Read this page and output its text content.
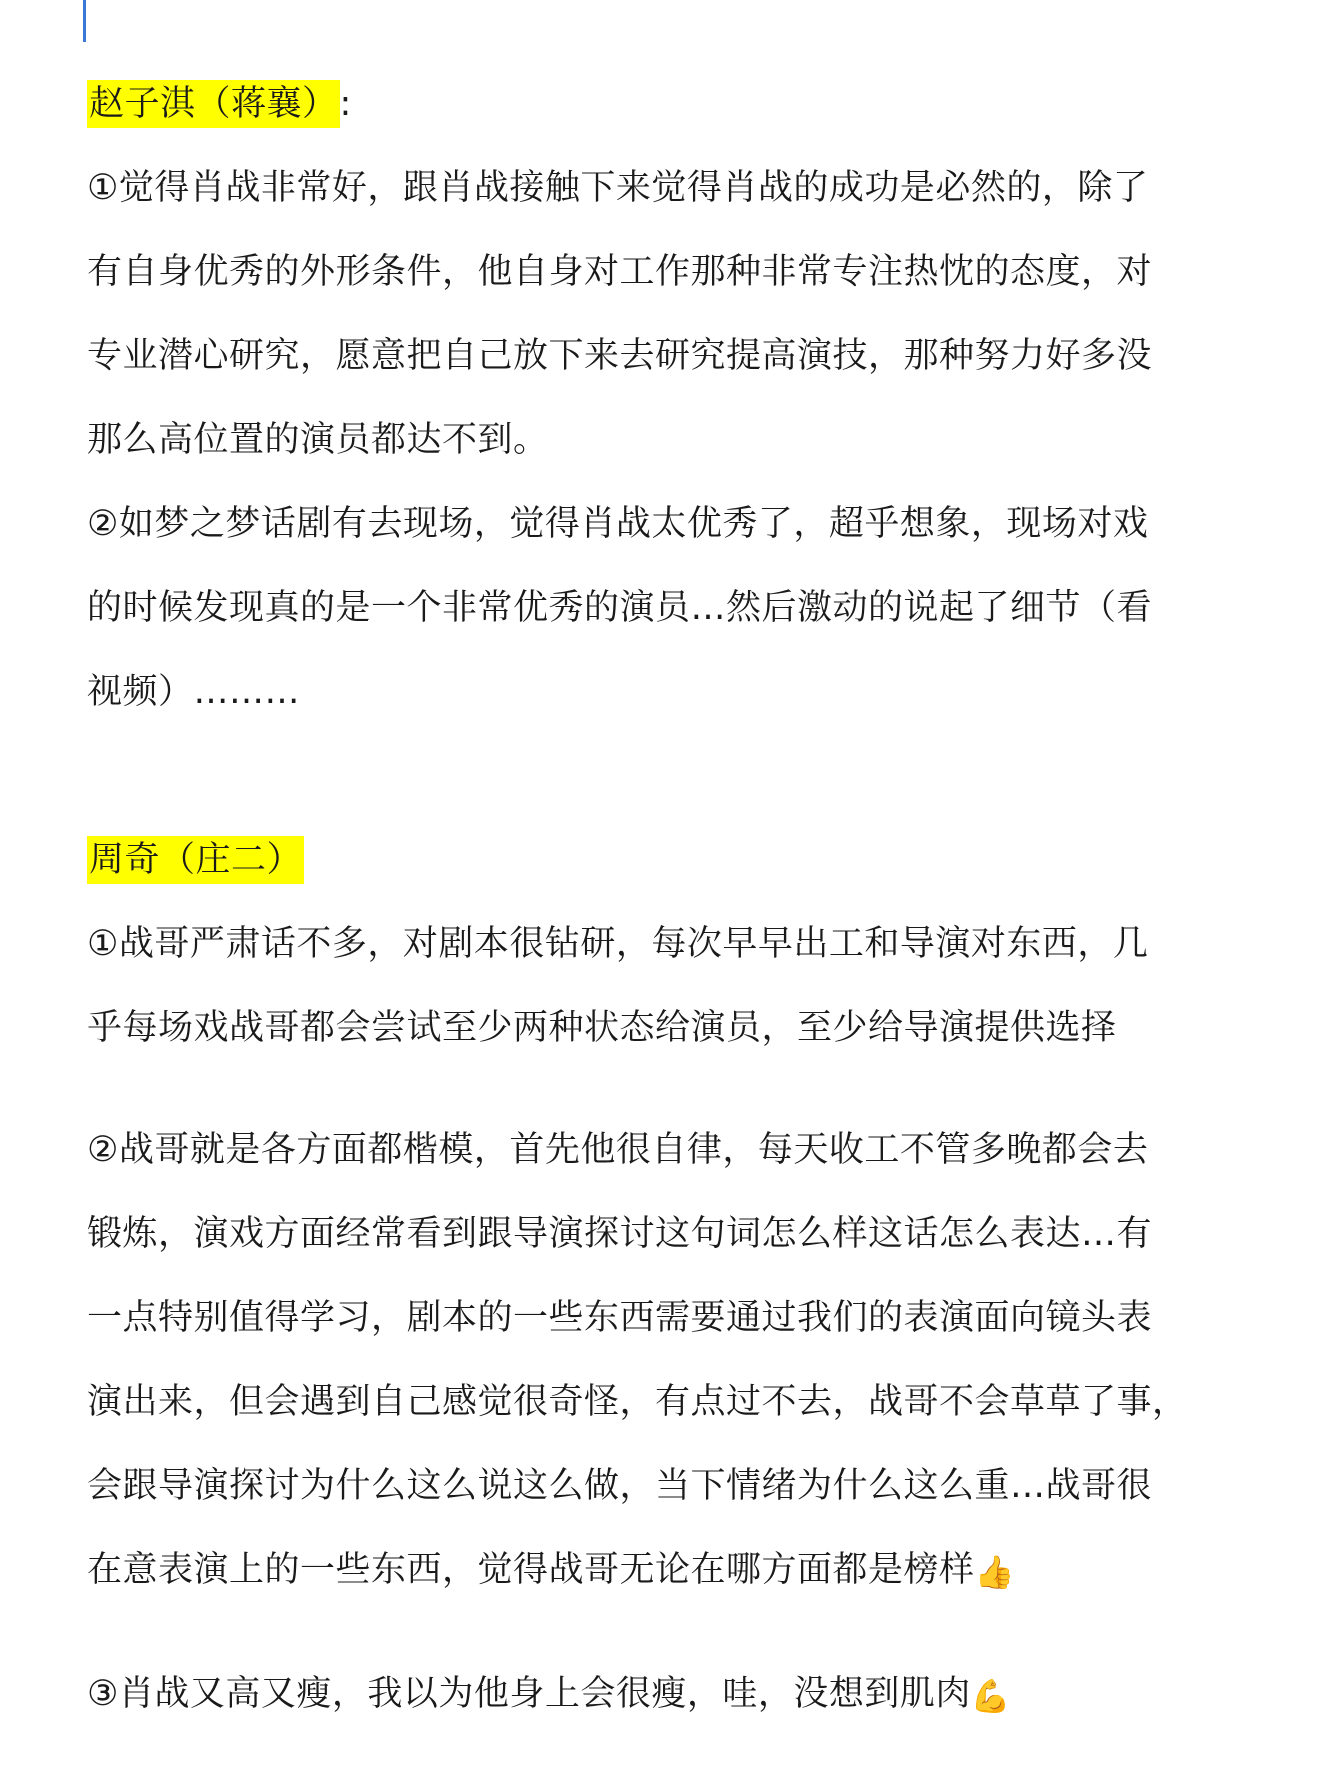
赵子淇（蒋襄）:

①觉得肖战非常好，跟肖战接触下来觉得肖战的成功是必然的，除了

有自身优秀的外形条件，他自身对工作那种非常专注热忱的态度，对

专业潜心研究，愿意把自己放下来去研究提高演技，那种努力好多没

那么高位置的演员都达不到。

②如梦之梦话剧有去现场，觉得肖战太优秀了，超乎想象，现场对戏

的时候发现真的是一个非常优秀的演员…然后激动的说起了细节（看

视频）………

周奇（庄二）

①战哥严肃话不多，对剧本很钻研，每次早早出工和导演对东西，几

乎每场戏战哥都会尝试至少两种状态给演员，至少给导演提供选择

②战哥就是各方面都楷模，首先他很自律，每天收工不管多晚都会去

锻炼，演戏方面经常看到跟导演探讨这句词怎么样这话怎么表达…有

一点特别值得学习，剧本的一些东西需要通过我们的表演面向镜头表

演出来，但会遇到自己感觉很奇怪，有点过不去，战哥不会草草了事，

会跟导演探讨为什么这么说这么做，当下情绪为什么这么重…战哥很

在意表演上的一些东西，觉得战哥无论在哪方面都是榜样👍

③肖战又高又瘦，我以为他身上会很瘦，哇，没想到肌肉💪
